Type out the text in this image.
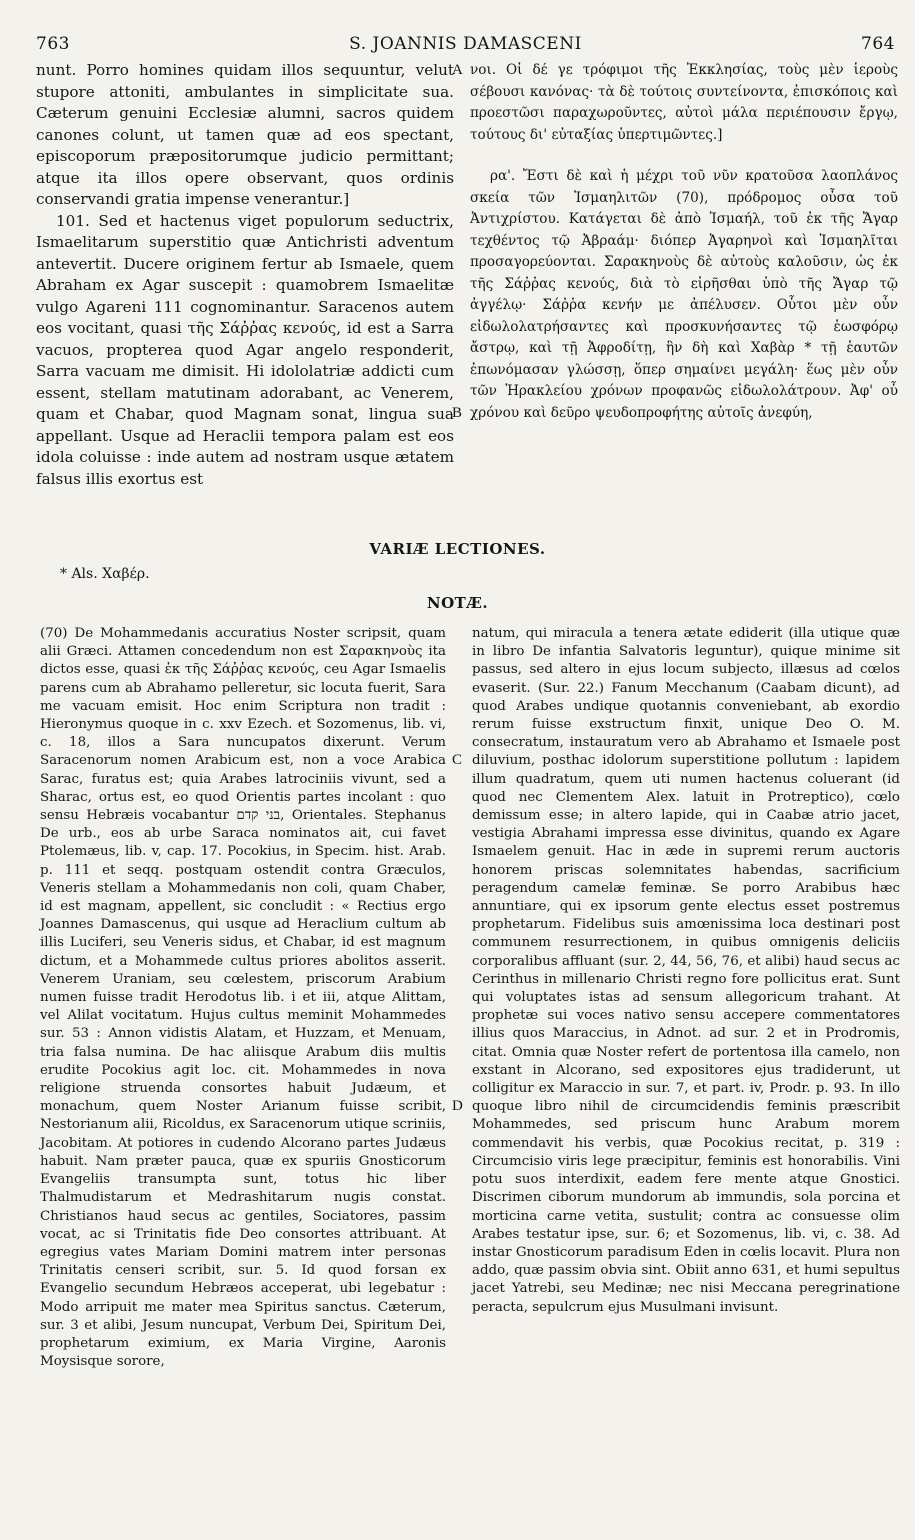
763	S. JOANNIS DAMASCENI	764

nunt. Porro homines quidam illos sequuntur, velut stupore attoniti, ambulantes in simplicitate sua. Cæterum genuini Ecclesiæ alumni, sacros quidem canones colunt, ut tamen quæ ad eos spectant, episcoporum præpositorumque judicio permittant; atque ita illos opere observant, quos ordinis conservandi gratia impense venerantur.]

101. Sed et hactenus viget populorum seductrix, Ismaelitarum superstitio quæ Antichristi adventum antevertit. Ducere originem fertur ab Ismaele, quem Abraham ex Agar suscepit : quamobrem Ismaelitæ vulgo Agareni 111 cognominantur. Saracenos autem eos vocitant, quasi τῆς Σάῤῥας κενούς, id est a Sarra vacuos, propterea quod Agar angelo responderit, Sarra vacuam me dimisit. Hi idololatriæ addicti cum essent, stellam matutinam adorabant, ac Venerem, quam et Chabar, quod Magnam sonat, lingua sua appellant. Usque ad Heraclii tempora palam est eos idola coluisse : inde autem ad nostram usque ætatem falsus illis exortus est

A
B
C
D

νοι. Οἱ δέ γε τρόφιμοι τῆς Ἐκκλησίας, τοὺς μὲν ἱεροὺς σέβουσι κανόνας· τὰ δὲ τούτοις συντείνοντα, ἐπισκόποις καὶ προεστῶσι παραχωροῦντες, αὐτοὶ μάλα περιέπουσιν ἔργῳ, τούτους δι' εὐταξίας ὑπερτιμῶντες.]

ρα'. Ἔστι δὲ καὶ ἡ μέχρι τοῦ νῦν κρατοῦσα λαοπλάνος σκεία τῶν Ἰσμαηλιτῶν (70), πρόδρομος οὖσα τοῦ Ἀντιχρίστου. Κατάγεται δὲ ἀπὸ Ἰσμαήλ, τοῦ ἐκ τῆς Ἄγαρ τεχθέντος τῷ Ἀβραάμ· διόπερ Ἀγαρηνοὶ καὶ Ἰσμαηλῖται προσαγορεύονται. Σαρακηνοὺς δὲ αὐτοὺς καλοῦσιν, ὡς ἐκ τῆς Σάῤῥας κενούς, διὰ τὸ εἰρῆσθαι ὑπὸ τῆς Ἄγαρ τῷ ἀγγέλῳ· Σάῤῥα κενήν με ἀπέλυσεν. Οὗτοι μὲν οὖν εἰδωλολατρήσαντες καὶ προσκυνήσαντες τῷ ἑωσφόρῳ ἄστρῳ, καὶ τῇ Ἀφροδίτῃ, ἣν δὴ καὶ Χαβὰρ * τῇ ἑαυτῶν ἐπωνόμασαν γλώσσῃ, ὅπερ σημαίνει μεγάλη· ἕως μὲν οὖν τῶν Ἡρακλείου χρόνων προφανῶς εἰδωλολάτρουν. Ἀφ' οὗ χρόνου καὶ δεῦρο ψευδοπροφήτης αὐτοῖς ἀνεφύη,

VARIÆ LECTIONES.
* Als. Χαβέρ.
NOTÆ.

(70) De Mohammedanis accuratius Noster scripsit, quam alii Græci. Attamen concedendum non est Σαρακηνοὺς ita dictos esse, quasi ἐκ τῆς Σάῤῥας κενούς, ceu Agar Ismaelis parens cum ab Abrahamo pelleretur, sic locuta fuerit, Sara me vacuam emisit. Hoc enim Scriptura non tradit : Hieronymus quoque in c. xxv Ezech. et Sozomenus, lib. vi, c. 18, illos a Sara nuncupatos dixerunt. Verum Saracenorum nomen Arabicum est, non a voce Arabica Sarac, furatus est; quia Arabes latrociniis vivunt, sed a Sharac, ortus est, eo quod Orientis partes incolant : quo sensu Hebræis vocabantur בני קדם, Orientales. Stephanus De urb., eos ab urbe Saraca nominatos ait, cui favet Ptolemæus, lib. v, cap. 17. Pocokius, in Specim. hist. Arab. p. 111 et seqq. postquam ostendit contra Græculos, Veneris stellam a Mohammedanis non coli, quam Chaber, id est magnam, appellent, sic concludit : « Rectius ergo Joannes Damascenus, qui usque ad Heraclium cultum ab illis Luciferi, seu Veneris sidus, et Chabar, id est magnum dictum, et a Mohammede cultus priores abolitos asserit. Venerem Uraniam, seu cœlestem, priscorum Arabium numen fuisse tradit Herodotus lib. i et iii, atque Alittam, vel Alilat vocitatum. Hujus cultus meminit Mohammedes sur. 53 : Annon vidistis Alatam, et Huzzam, et Menuam, tria falsa numina. De hac aliisque Arabum diis multis erudite Pocokius agit loc. cit. Mohammedes in nova religione struenda consortes habuit Judæum, et monachum, quem Noster Arianum fuisse scribit, Nestorianum alii, Ricoldus, ex Saracenorum utique scriniis, Jacobitam. At potiores in cudendo Alcorano partes Judæus habuit. Nam præter pauca, quæ ex spuriis Gnosticorum Evangeliis transumpta sunt, totus hic liber Thalmudistarum et Medrashitarum nugis constat. Christianos haud secus ac gentiles, Sociatores, passim vocat, ac si Trinitatis fide Deo consortes attribuant. At egregius vates Mariam Domini matrem inter personas Trinitatis censeri scribit, sur. 5. Id quod forsan ex Evangelio secundum Hebræos acceperat, ubi legebatur : Modo arripuit me mater mea Spiritus sanctus. Cæterum, sur. 3 et alibi, Jesum nuncupat, Verbum Dei, Spiritum Dei, prophetarum eximium, ex Maria Virgine, Aaronis Moysisque sorore,

natum, qui miracula a tenera ætate ediderit (illa utique quæ in libro De infantia Salvatoris leguntur), quique minime sit passus, sed altero in ejus locum subjecto, illæsus ad cœlos evaserit. (Sur. 22.) Fanum Mecchanum (Caabam dicunt), ad quod Arabes undique quotannis conveniebant, ab exordio rerum fuisse exstructum finxit, unique Deo O. M. consecratum, instauratum vero ab Abrahamo et Ismaele post diluvium, posthac idolorum superstitione pollutum : lapidem illum quadratum, quem uti numen hactenus coluerant (id quod nec Clementem Alex. latuit in Protreptico), cœlo demissum esse; in altero lapide, qui in Caabæ atrio jacet, vestigia Abrahami impressa esse divinitus, quando ex Agare Ismaelem genuit. Hac in æde in supremi rerum auctoris honorem priscas solemnitates habendas, sacrificium peragendum camelæ feminæ. Se porro Arabibus hæc annuntiare, qui ex ipsorum gente electus esset postremus prophetarum. Fidelibus suis amœnissima loca destinari post communem resurrectionem, in quibus omnigenis deliciis corporalibus affluant (sur. 2, 44, 56, 76, et alibi) haud secus ac Cerinthus in millenario Christi regno fore pollicitus erat. Sunt qui voluptates istas ad sensum allegoricum trahant. At prophetæ sui voces nativo sensu accepere commentatores illius quos Maraccius, in Adnot. ad sur. 2 et in Prodromis, citat. Omnia quæ Noster refert de portentosa illa camelo, non exstant in Alcorano, sed expositores ejus tradiderunt, ut colligitur ex Maraccio in sur. 7, et part. iv, Prodr. p. 93. In illo quoque libro nihil de circumcidendis feminis præscribit Mohammedes, sed priscum hunc Arabum morem commendavit his verbis, quæ Pocokius recitat, p. 319 : Circumcisio viris lege præcipitur, feminis est honorabilis. Vini potu suos interdixit, eadem fere mente atque Gnostici. Discrimen ciborum mundorum ab immundis, sola porcina et morticina carne vetita, sustulit; contra ac consuesse olim Arabes testatur ipse, sur. 6; et Sozomenus, lib. vi, c. 38. Ad instar Gnosticorum paradisum Eden in cœlis locavit. Plura non addo, quæ passim obvia sint. Obiit anno 631, et humi sepultus jacet Yatrebi, seu Medinæ; nec nisi Meccana peregrinatione peracta, sepulcrum ejus Musulmani invisunt.
